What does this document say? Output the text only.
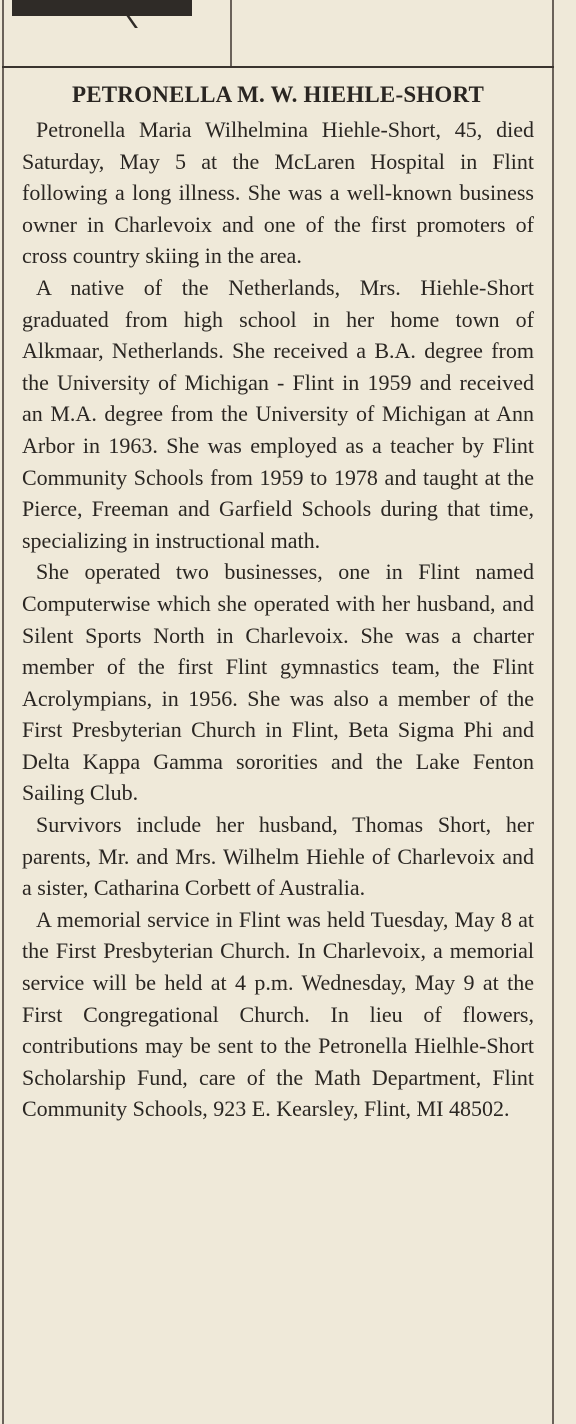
PETRONELLA M. W. HIEHLE-SHORT

Petronella Maria Wilhelmina Hiehle-Short, 45, died Saturday, May 5 at the McLaren Hospital in Flint following a long illness. She was a well-known business owner in Charlevoix and one of the first promoters of cross country skiing in the area.

A native of the Netherlands, Mrs. Hiehle-Short graduated from high school in her home town of Alkmaar, Netherlands. She received a B.A. degree from the University of Michigan - Flint in 1959 and received an M.A. degree from the University of Michigan at Ann Arbor in 1963. She was employed as a teacher by Flint Community Schools from 1959 to 1978 and taught at the Pierce, Freeman and Garfield Schools during that time, specializing in instructional math.

She operated two businesses, one in Flint named Computerwise which she operated with her husband, and Silent Sports North in Charlevoix. She was a charter member of the first Flint gymnastics team, the Flint Acrolympians, in 1956. She was also a member of the First Presbyterian Church in Flint, Beta Sigma Phi and Delta Kappa Gamma sororities and the Lake Fenton Sailing Club.

Survivors include her husband, Thomas Short, her parents, Mr. and Mrs. Wilhelm Hiehle of Charlevoix and a sister, Catharina Corbett of Australia.

A memorial service in Flint was held Tuesday, May 8 at the First Presbyterian Church. In Charlevoix, a memorial service will be held at 4 p.m. Wednesday, May 9 at the First Congregational Church. In lieu of flowers, contributions may be sent to the Petronella Hielhle-Short Scholarship Fund, care of the Math Department, Flint Community Schools, 923 E. Kearsley, Flint, MI 48502.
